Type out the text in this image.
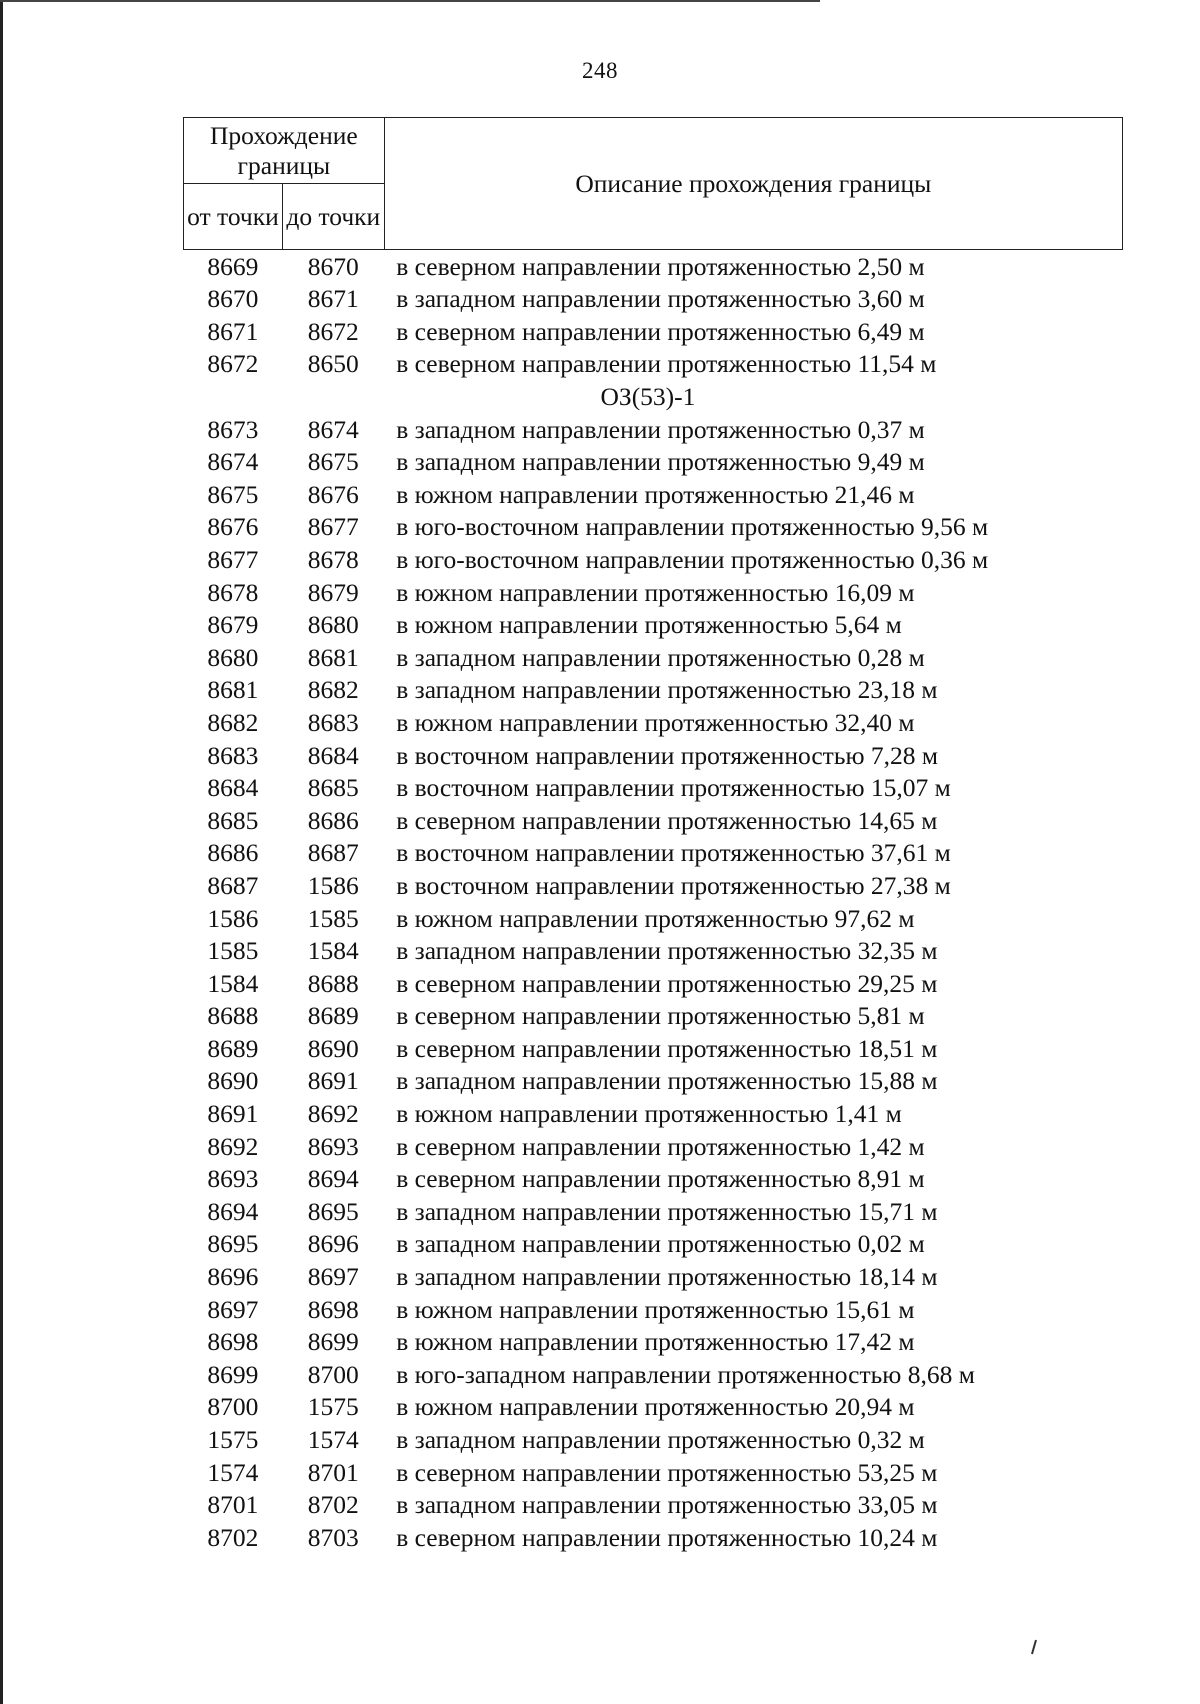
248
Прохождение границы		Описание прохождения границы
от точки	до точки	
8669	8670	в северном направлении протяженностью 2,50 м
8670	8671	в западном направлении протяженностью 3,60 м
8671	8672	в северном направлении протяженностью 6,49 м
8672	8650	в северном направлении протяженностью 11,54 м
ОЗ(53)-1		
8673	8674	в западном направлении протяженностью 0,37 м
8674	8675	в западном направлении протяженностью 9,49 м
8675	8676	в южном направлении протяженностью 21,46 м
8676	8677	в юго-восточном направлении протяженностью 9,56 м
8677	8678	в юго-восточном направлении протяженностью 0,36 м
8678	8679	в южном направлении протяженностью 16,09 м
8679	8680	в южном направлении протяженностью 5,64 м
8680	8681	в западном направлении протяженностью 0,28 м
8681	8682	в западном направлении протяженностью 23,18 м
8682	8683	в южном направлении протяженностью 32,40 м
8683	8684	в восточном направлении протяженностью 7,28 м
8684	8685	в восточном направлении протяженностью 15,07 м
8685	8686	в северном направлении протяженностью 14,65 м
8686	8687	в восточном направлении протяженностью 37,61 м
8687	1586	в восточном направлении протяженностью 27,38 м
1586	1585	в южном направлении протяженностью 97,62 м
1585	1584	в западном направлении протяженностью 32,35 м
1584	8688	в северном направлении протяженностью 29,25 м
8688	8689	в северном направлении протяженностью 5,81 м
8689	8690	в северном направлении протяженностью 18,51 м
8690	8691	в западном направлении протяженностью 15,88 м
8691	8692	в южном направлении протяженностью 1,41 м
8692	8693	в северном направлении протяженностью 1,42 м
8693	8694	в северном направлении протяженностью 8,91 м
8694	8695	в западном направлении протяженностью 15,71 м
8695	8696	в западном направлении протяженностью 0,02 м
8696	8697	в западном направлении протяженностью 18,14 м
8697	8698	в южном направлении протяженностью 15,61 м
8698	8699	в южном направлении протяженностью 17,42 м
8699	8700	в юго-западном направлении протяженностью 8,68 м
8700	1575	в южном направлении протяженностью 20,94 м
1575	1574	в западном направлении протяженностью 0,32 м
1574	8701	в северном направлении протяженностью 53,25 м
8701	8702	в западном направлении протяженностью 33,05 м
8702	8703	в северном направлении протяженностью 10,24 м
